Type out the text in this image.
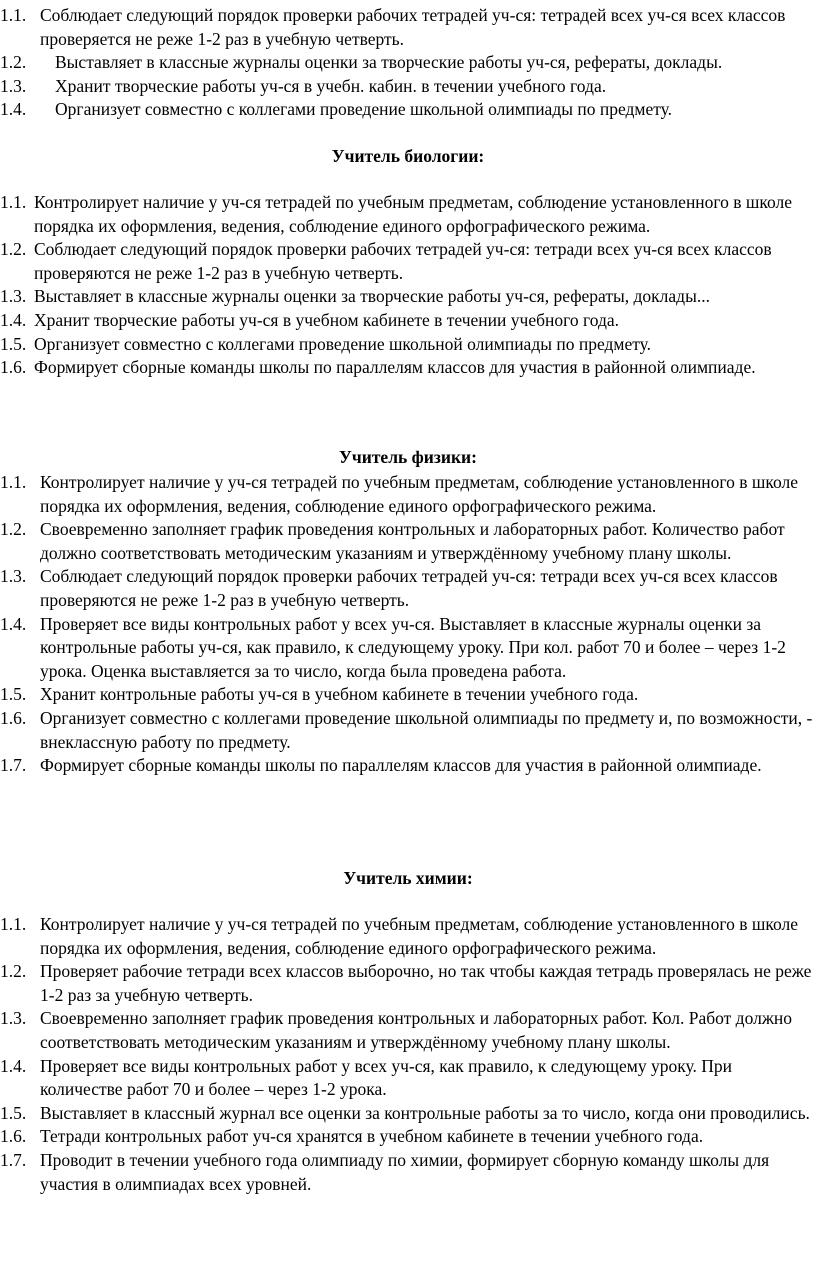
1.1. Соблюдает следующий порядок проверки рабочих тетрадей уч-ся: тетрадей всех уч-ся всех классов проверяется не реже 1-2 раз в учебную четверть.
1.2. Выставляет в классные журналы оценки за творческие работы уч-ся, рефераты, доклады.
1.3. Хранит творческие работы уч-ся в учебн. кабин. в течении учебного года.
1.4. Организует совместно с коллегами проведение школьной олимпиады по предмету.
Учитель биологии:
1.1. Контролирует наличие у уч-ся тетрадей по учебным предметам, соблюдение установленного в школе порядка их оформления, ведения, соблюдение единого орфографического режима.
1.2. Соблюдает следующий порядок проверки рабочих тетрадей уч-ся: тетради всех уч-ся всех классов проверяются не реже 1-2 раз в учебную четверть.
1.3. Выставляет в классные журналы оценки за творческие работы уч-ся, рефераты, доклады...
1.4. Хранит творческие работы уч-ся в учебном кабинете в течении учебного года.
1.5. Организует совместно с коллегами проведение школьной олимпиады по предмету.
1.6. Формирует сборные команды школы по параллелям классов для участия в районной олимпиаде.
Учитель физики:
1.1. Контролирует наличие у уч-ся тетрадей по учебным предметам, соблюдение установленного в школе порядка их оформления, ведения, соблюдение единого орфографического режима.
1.2. Своевременно заполняет график проведения контрольных и лабораторных работ. Количество работ должно соответствовать методическим указаниям и утверждённому учебному плану школы.
1.3. Соблюдает следующий порядок проверки рабочих тетрадей уч-ся: тетради всех уч-ся всех классов проверяются не реже 1-2 раз в учебную четверть.
1.4. Проверяет все виды контрольных работ у всех уч-ся. Выставляет в классные журналы оценки за контрольные работы уч-ся, как правило, к следующему уроку. При кол. работ 70 и более – через 1-2 урока. Оценка выставляется за то число, когда была проведена работа.
1.5. Хранит контрольные работы уч-ся в учебном кабинете в течении учебного года.
1.6. Организует совместно с коллегами проведение школьной олимпиады по предмету и, по возможности, - внеклассную работу по предмету.
1.7. Формирует сборные команды школы по параллелям классов для участия в районной олимпиаде.
Учитель химии:
1.1. Контролирует наличие у уч-ся тетрадей по учебным предметам, соблюдение установленного в школе порядка их оформления, ведения, соблюдение единого орфографического режима.
1.2. Проверяет рабочие тетради всех классов выборочно, но так чтобы каждая тетрадь проверялась не реже 1-2 раз за учебную четверть.
1.3. Своевременно заполняет график проведения контрольных и лабораторных работ. Кол. Работ должно соответствовать методическим указаниям и утверждённому учебному плану школы.
1.4. Проверяет все виды контрольных работ у всех уч-ся, как правило, к следующему уроку. При количестве работ 70 и более – через 1-2 урока.
1.5. Выставляет в классный журнал все оценки за контрольные работы за то число, когда они проводились.
1.6. Тетради контрольных работ уч-ся хранятся в учебном кабинете в течении учебного года.
1.7. Проводит в течении учебного года олимпиаду по химии, формирует сборную команду школы для участия в олимпиадах всех уровней.
